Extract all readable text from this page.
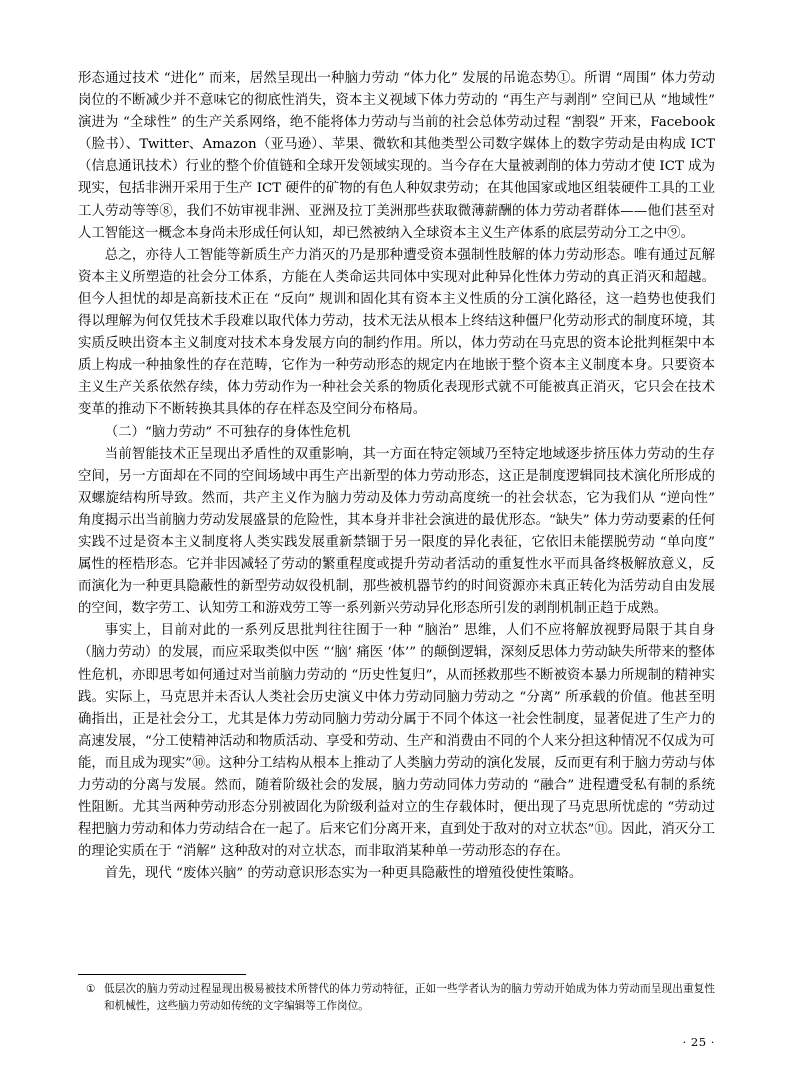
形态通过技术 “进化” 而来，居然呈现出一种脑力劳动 “体力化” 发展的吊诡态势①。所谓 “周围” 体力劳动岗位的不断减少并不意味它的彻底性消失，资本主义视域下体力劳动的 “再生产与剥削” 空间已从 “地域性” 演进为 “全球性” 的生产关系网络，绝不能将体力劳动与当前的社会总体劳动过程 “割裂” 开来，Facebook（脸书）、Twitter、Amazon（亚马逊）、苹果、微软和其他类型公司数字媒体上的数字劳动是由构成 ICT（信息通讯技术）行业的整个价值链和全球开发领域实现的。当今存在大量被剥削的体力劳动才使 ICT 成为现实，包括非洲开采用于生产 ICT 硬件的矿物的有色人种奴隶劳动；在其他国家或地区组装硬件工具的工业工人劳动等等⑧，我们不妨审视非洲、亚洲及拉丁美洲那些获取微薄薪酬的体力劳动者群体——他们甚至对人工智能这一概念本身尚未形成任何认知，却已然被纳入全球资本主义生产体系的底层劳动分工之中⑨。

总之，亦待人工智能等新质生产力消灭的乃是那种遭受资本强制性肢解的体力劳动形态。唯有通过瓦解资本主义所塑造的社会分工体系，方能在人类命运共同体中实现对此种异化性体力劳动的真正消灭和超越。但今人担忧的却是高新技术正在 “反向” 规训和固化其有资本主义性质的分工演化路径，这一趋势也使我们得以理解为何仅凭技术手段难以取代体力劳动，技术无法从根本上终结这种僵尸化劳动形式的制度环境，其实质反映出资本主义制度对技术本身发展方向的制约作用。所以，体力劳动在马克思的资本论批判框架中本质上构成一种抽象性的存在范畴，它作为一种劳动形态的规定内在地嵌于整个资本主义制度本身。只要资本主义生产关系依然存续，体力劳动作为一种社会关系的物质化表现形式就不可能被真正消灭，它只会在技术变革的推动下不断转换其具体的存在样态及空间分布格局。

（二）“脑力劳动” 不可独存的身体性危机

当前智能技术正呈现出矛盾性的双重影响，其一方面在特定领域乃至特定地域逐步挤压体力劳动的生存空间，另一方面却在不同的空间场域中再生产出新型的体力劳动形态，这正是制度逻辑同技术演化所形成的双螺旋结构所导致。然而，共产主义作为脑力劳动及体力劳动高度统一的社会状态，它为我们从 “逆向性” 角度揭示出当前脑力劳动发展盛景的危险性，其本身并非社会演进的最优形态。“缺失” 体力劳动要素的任何实践不过是资本主义制度将人类实践发展重新禁锢于另一限度的异化表征，它依旧未能摆脱劳动 “单向度” 属性的桎梏形态。它并非因减轻了劳动的繁重程度或提升劳动者活动的重复性水平而具备终极解放意义，反而演化为一种更具隐蔽性的新型劳动奴役机制，那些被机器节约的时间资源亦未真正转化为活劳动自由发展的空间，数字劳工、认知劳工和游戏劳工等一系列新兴劳动异化形态所引发的剥削机制正趋于成熟。

事实上，目前对此的一系列反思批判往往囿于一种 “脑治” 思维，人们不应将解放视野局限于其自身（脑力劳动）的发展，而应采取类似中医 “‘脑’ 痛医 ‘体’” 的颠倒逻辑，深刻反思体力劳动缺失所带来的整体性危机，亦即思考如何通过对当前脑力劳动的 “历史性复归”，从而拯救那些不断被资本暴力所规制的精神实践。实际上，马克思并未否认人类社会历史演义中体力劳动同脑力劳动之 “分离” 所承载的价值。他甚至明确指出，正是社会分工，尤其是体力劳动同脑力劳动分属于不同个体这一社会性制度，显著促进了生产力的高速发展，“分工使精神活动和物质活动、享受和劳动、生产和消费由不同的个人来分担这种情况不仅成为可能，而且成为现实”⑩。这种分工结构从根本上推动了人类脑力劳动的演化发展，反而更有利于脑力劳动与体力劳动的分离与发展。然而，随着阶级社会的发展，脑力劳动同体力劳动的 “融合” 进程遭受私有制的系统性阻断。尤其当两种劳动形态分别被固化为阶级利益对立的生存载体时，便出现了马克思所忧虑的 “劳动过程把脑力劳动和体力劳动结合在一起了。后来它们分离开来，直到处于敌对的对立状态”⑪。因此，消灭分工的理论实质在于 “消解” 这种敌对的对立状态，而非取消某种单一劳动形态的存在。

首先，现代 “废体兴脑” 的劳动意识形态实为一种更具隐蔽性的增殖役使性策略。

① 低层次的脑力劳动过程显现出极易被技术所替代的体力劳动特征，正如一些学者认为的脑力劳动开始成为体力劳动而呈现出重复性和机械性，这些脑力劳动如传统的文字编辑等工作岗位。

· 25 ·
